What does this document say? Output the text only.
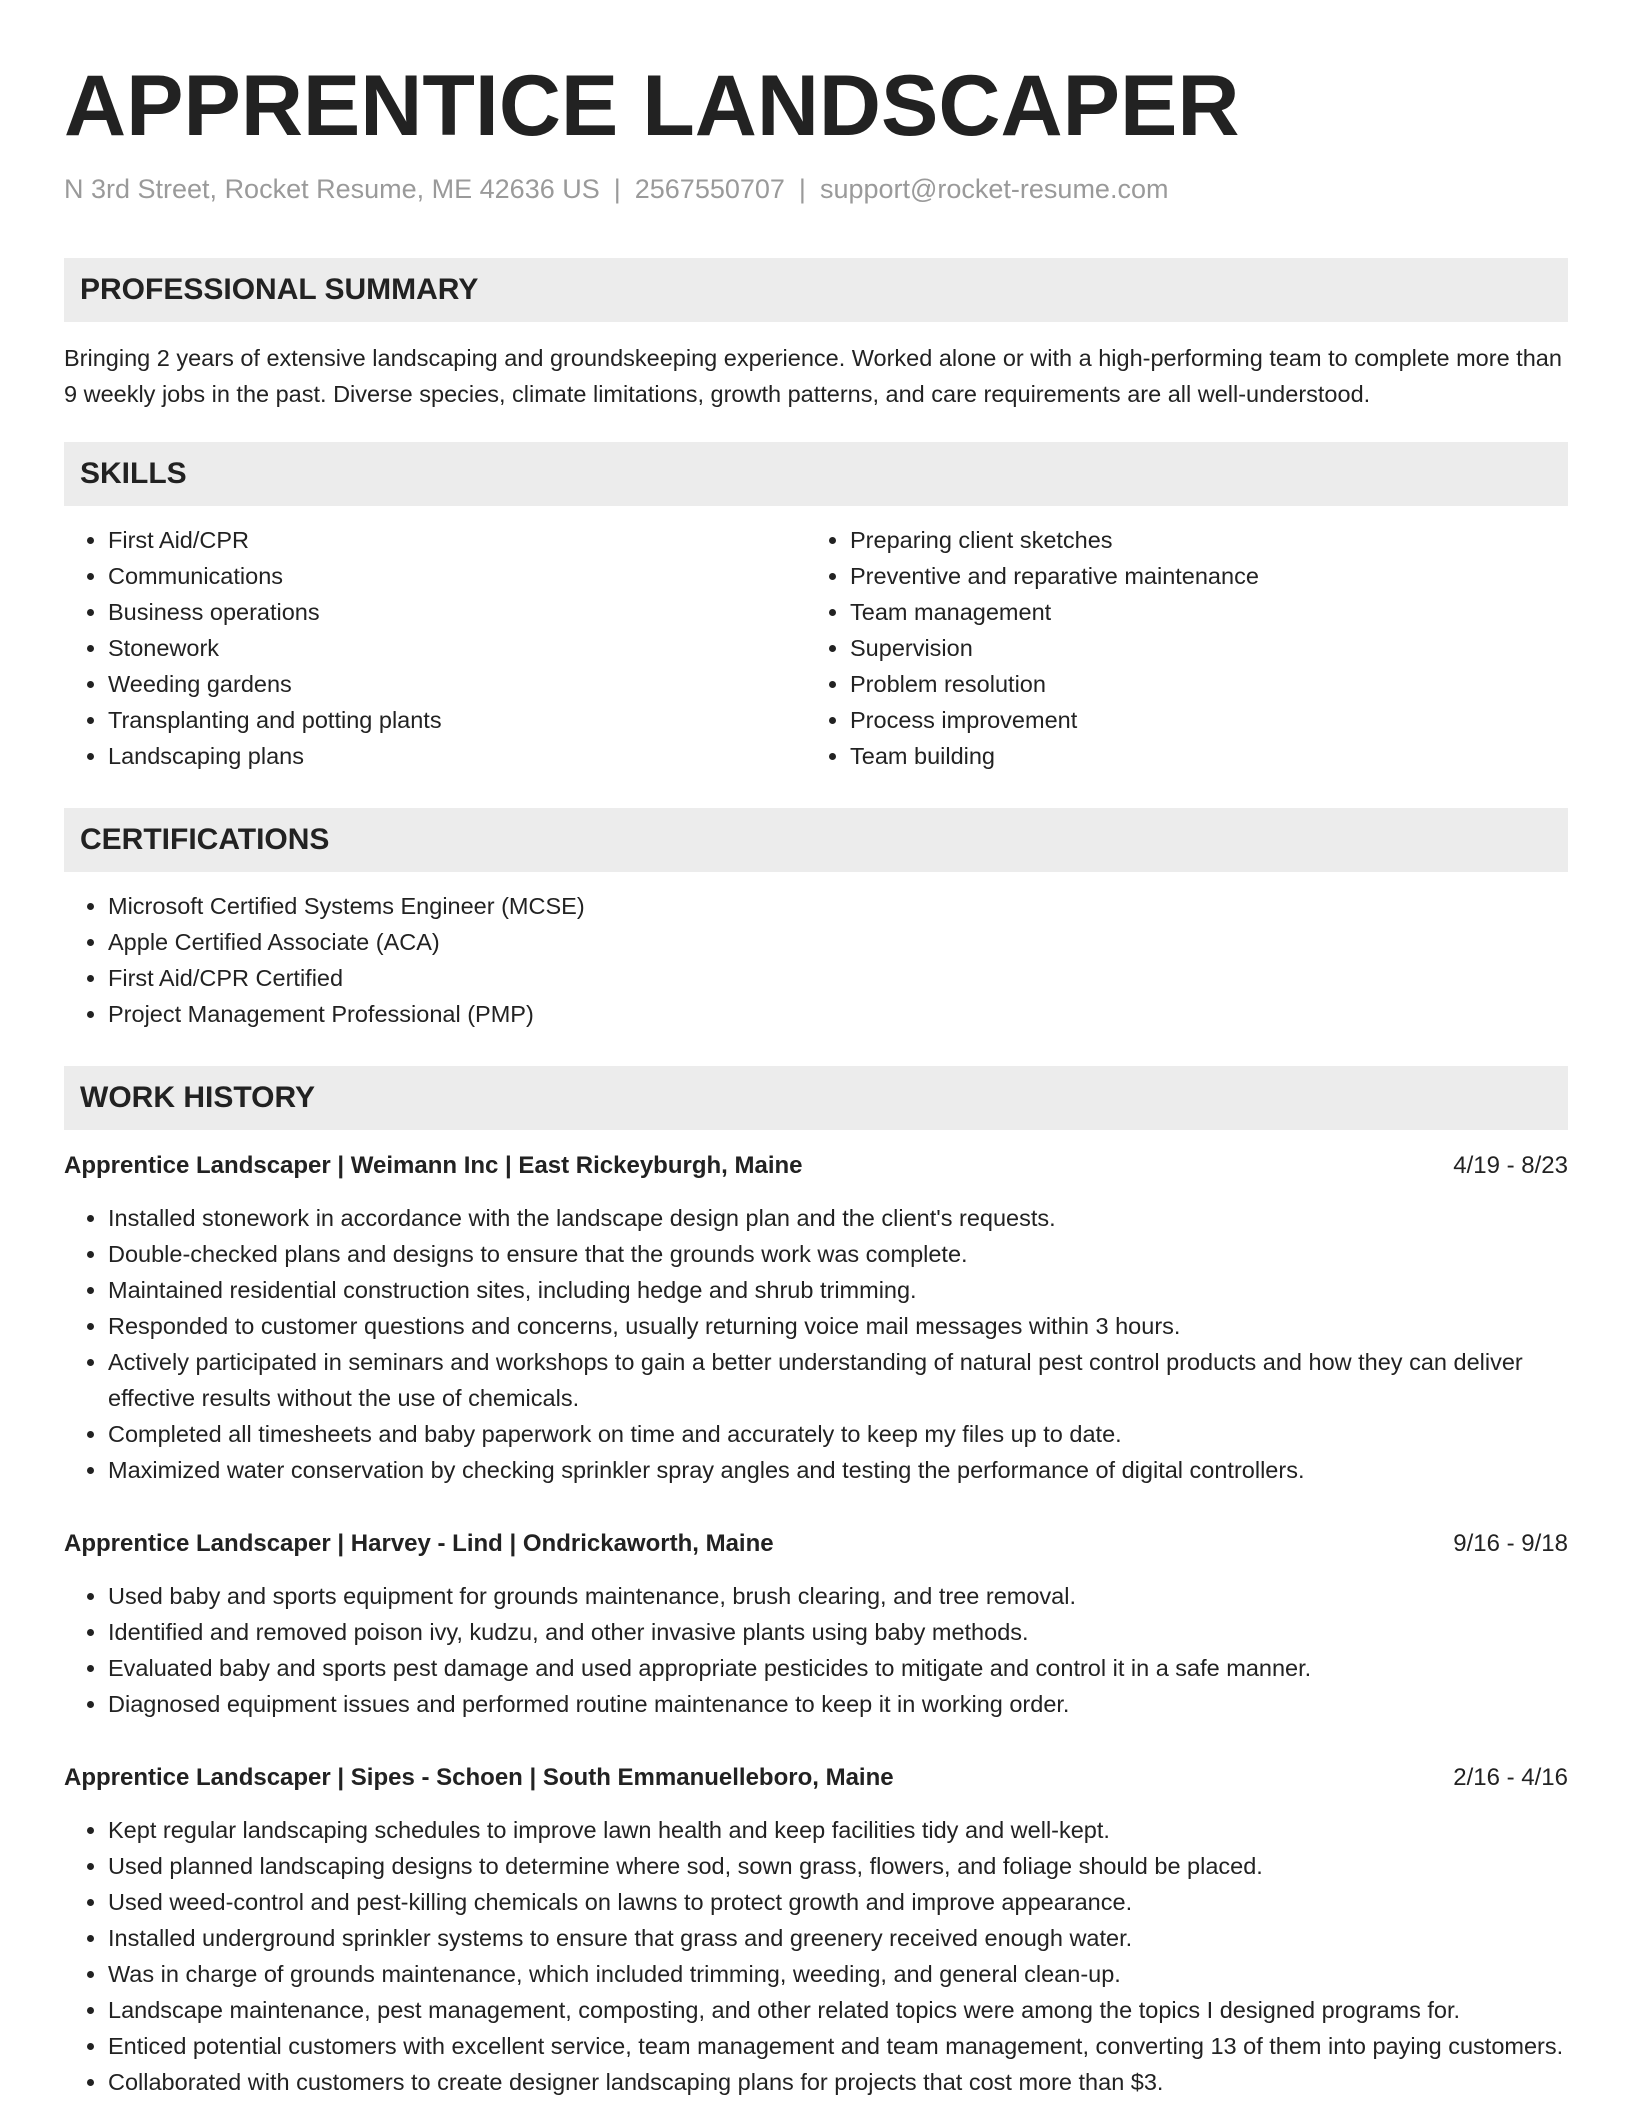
APPRENTICE LANDSCAPER
N 3rd Street, Rocket Resume, ME 42636 US | 2567550707 | support@rocket-resume.com
PROFESSIONAL SUMMARY
Bringing 2 years of extensive landscaping and groundskeeping experience. Worked alone or with a high-performing team to complete more than 9 weekly jobs in the past. Diverse species, climate limitations, growth patterns, and care requirements are all well-understood.
SKILLS
• First Aid/CPR
• Communications
• Business operations
• Stonework
• Weeding gardens
• Transplanting and potting plants
• Landscaping plans
• Preparing client sketches
• Preventive and reparative maintenance
• Team management
• Supervision
• Problem resolution
• Process improvement
• Team building
CERTIFICATIONS
• Microsoft Certified Systems Engineer (MCSE)
• Apple Certified Associate (ACA)
• First Aid/CPR Certified
• Project Management Professional (PMP)
WORK HISTORY
Apprentice Landscaper | Weimann Inc | East Rickeyburgh, Maine	4/19 - 8/23
• Installed stonework in accordance with the landscape design plan and the client's requests.
• Double-checked plans and designs to ensure that the grounds work was complete.
• Maintained residential construction sites, including hedge and shrub trimming.
• Responded to customer questions and concerns, usually returning voice mail messages within 3 hours.
• Actively participated in seminars and workshops to gain a better understanding of natural pest control products and how they can deliver effective results without the use of chemicals.
• Completed all timesheets and baby paperwork on time and accurately to keep my files up to date.
• Maximized water conservation by checking sprinkler spray angles and testing the performance of digital controllers.
Apprentice Landscaper | Harvey - Lind | Ondrickaworth, Maine	9/16 - 9/18
• Used baby and sports equipment for grounds maintenance, brush clearing, and tree removal.
• Identified and removed poison ivy, kudzu, and other invasive plants using baby methods.
• Evaluated baby and sports pest damage and used appropriate pesticides to mitigate and control it in a safe manner.
• Diagnosed equipment issues and performed routine maintenance to keep it in working order.
Apprentice Landscaper | Sipes - Schoen | South Emmanuelleboro, Maine	2/16 - 4/16
• Kept regular landscaping schedules to improve lawn health and keep facilities tidy and well-kept.
• Used planned landscaping designs to determine where sod, sown grass, flowers, and foliage should be placed.
• Used weed-control and pest-killing chemicals on lawns to protect growth and improve appearance.
• Installed underground sprinkler systems to ensure that grass and greenery received enough water.
• Was in charge of grounds maintenance, which included trimming, weeding, and general clean-up.
• Landscape maintenance, pest management, composting, and other related topics were among the topics I designed programs for.
• Enticed potential customers with excellent service, team management and team management, converting 13 of them into paying customers.
• Collaborated with customers to create designer landscaping plans for projects that cost more than $3.
